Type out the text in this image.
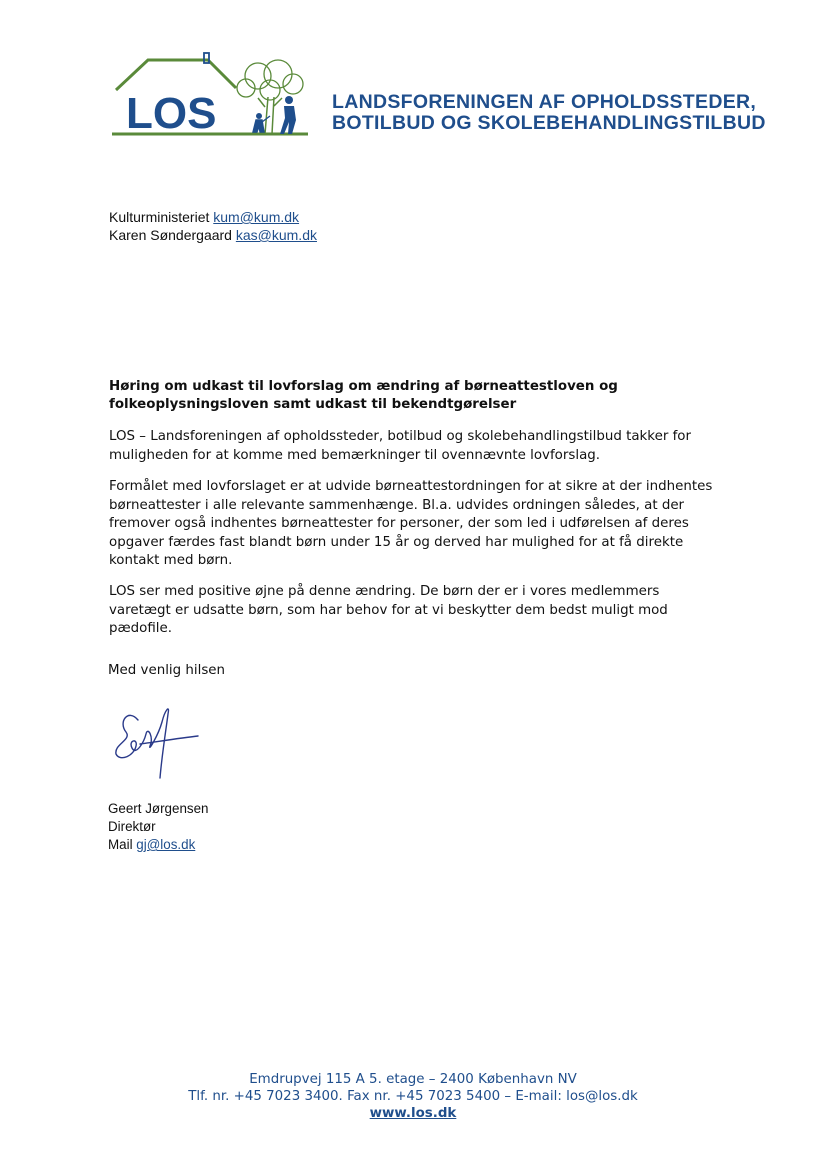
LOS	LANDSFORENINGEN AF OPHOLDSSTEDER,
BOTILBUD OG SKOLEBEHANDLINGSTILBUD
Kulturministeriet kum@kum.dk
Karen Søndergaard kas@kum.dk
Høring om udkast til lovforslag om ændring af børneattestloven og folkeoplysningsloven samt udkast til bekendtgørelser

LOS – Landsforeningen af opholdssteder, botilbud og skolebehandlingstilbud takker for muligheden for at komme med bemærkninger til ovennævnte lovforslag.

Formålet med lovforslaget er at udvide børneattestordningen for at sikre at der indhentes børneattester i alle relevante sammenhænge. Bl.a. udvides ordningen således, at der fremover også indhentes børneattester for personer, der som led i udførelsen af deres opgaver færdes fast blandt børn under 15 år og derved har mulighed for at få direkte kontakt med børn.

LOS ser med positive øjne på denne ændring. De børn der er i vores medlemmers varetægt er udsatte børn, som har behov for at vi beskytter dem bedst muligt mod pædofile.

Med venlig hilsen
Geert Jørgensen
Direktør
Mail gj@los.dk
Emdrupvej 115 A 5. etage – 2400 København NV
Tlf. nr. +45 7023 3400. Fax nr. +45 7023 5400 – E-mail: los@los.dk
www.los.dk
